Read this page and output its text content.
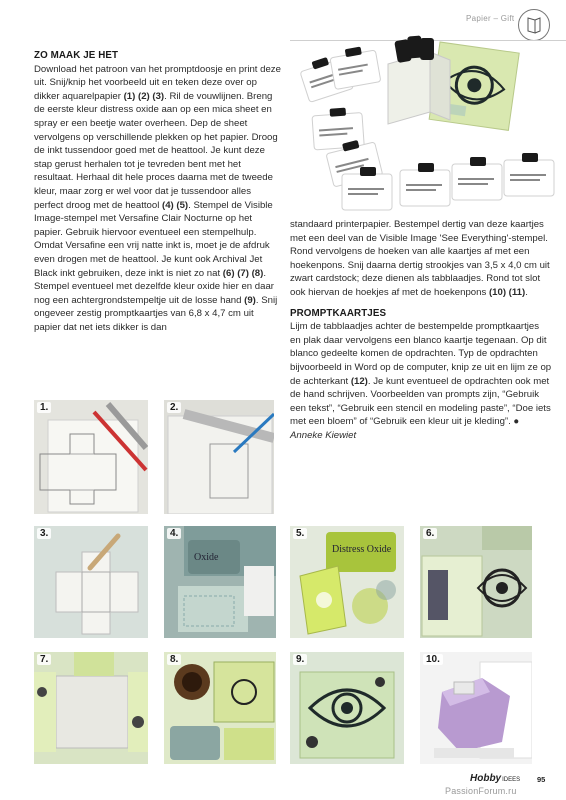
Papier – Gift

ZO MAAK JE HET

Download het patroon van het promptdoosje en print deze uit. Snij/knip het voorbeeld uit en teken deze over op dikker aquarelpapier (1) (2) (3). Ril de vouwlijnen. Breng de eerste kleur distress oxide aan op een mica sheet en spray er een beetje water overheen. Dep de sheet vervolgens op verschillende plekken op het papier. Droog de inkt tussendoor goed met de heattool. Je kunt deze stap gerust herhalen tot je tevreden bent met het resultaat. Herhaal dit hele proces daarna met de tweede kleur, maar zorg er wel voor dat je tussendoor alles perfect droog met de heattool (4) (5). Stempel de Visible Image-stempel met Versafine Clair Nocturne op het papier. Gebruik hiervoor eventueel een stempelhulp. Omdat Versafine een vrij natte inkt is, moet je de afdruk even drogen met de heattool. Je kunt ook Archival Jet Black inkt gebruiken, deze inkt is niet zo nat (6) (7) (8). Stempel eventueel met dezelfde kleur oxide hier en daar nog een achtergrondstempeltje uit de losse hand (9). Snij ongeveer zestig promptkaartjes van 6,8 x 4,7 cm uit papier dat net iets dikker is dan

standaard printerpapier. Bestempel dertig van deze kaartjes met een deel van de Visible Image 'See Everything'-stempel. Rond vervolgens de hoeken van alle kaartjes af met een hoekenpons. Snij daarna dertig strookjes van 3,5 x 4,0 cm uit zwart cardstock; deze dienen als tabblaadjes. Rond tot slot ook hiervan de hoekjes af met de hoekenpons (10) (11).

PROMPTKAARTJES

Lijm de tabblaadjes achter de bestempelde promptkaartjes en plak daar vervolgens een blanco kaartje tegenaan. Op dit blanco gedeelte komen de opdrachten. Typ de opdrachten bijvoorbeeld in Word op de computer, knip ze uit en lijm ze op de achterkant (12). Je kunt eventueel de opdrachten ook met de hand schrijven. Voorbeelden van prompts zijn, “Gebruik een tekst”, “Gebruik een stencil en modeling paste”, “Doe iets met een bloem” of “Gebruik een kleur uit je kleding”. ●

Anneke Kiewiet

1.	2.
3.
Oxide
4.
Distress Oxide
5.	6.
7.	8.	9.	10.
HobbyIDEES 95
PassionForum.ru
